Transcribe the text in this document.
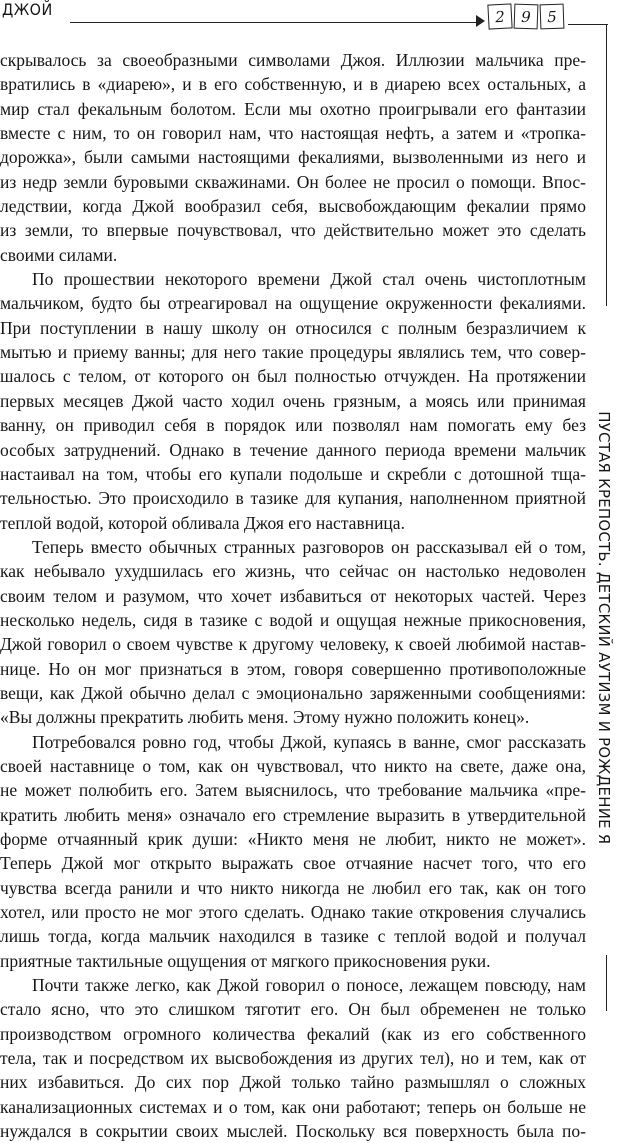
ДЖОЙ	2	9	5
ПУСТАЯ КРЕПОСТЬ. ДЕТСКИЙ АУТИЗМ И РОЖДЕНИЕ Я
скрывалось за своеобразными символами Джоя. Иллюзии мальчика пре-
вратились в «диарею», и в его собственную, и в диарею всех остальных, а
мир стал фекальным болотом. Если мы охотно проигрывали его фантазии
вместе с ним, то он говорил нам, что настоящая нефть, а затем и «тропка-
дорожка», были самыми настоящими фекалиями, вызволенными из него и
из недр земли буровыми скважинами. Он более не просил о помощи. Впос-
ледствии, когда Джой вообразил себя, высвобождающим фекалии прямо
из земли, то впервые почувствовал, что действительно может это сделать
своими силами.
По прошествии некоторого времени Джой стал очень чистоплотным
мальчиком, будто бы отреагировал на ощущение окруженности фекалиями.
При поступлении в нашу школу он относился с полным безразличием к
мытью и приему ванны; для него такие процедуры являлись тем, что совер-
шалось с телом, от которого он был полностью отчужден. На протяжении
первых месяцев Джой часто ходил очень грязным, а моясь или принимая
ванну, он приводил себя в порядок или позволял нам помогать ему без
особых затруднений. Однако в течение данного периода времени мальчик
настаивал на том, чтобы его купали подольше и скребли с дотошной тща-
тельностью. Это происходило в тазике для купания, наполненном приятной
теплой водой, которой обливала Джоя его наставница.
Теперь вместо обычных странных разговоров он рассказывал ей о том,
как небывало ухудшилась его жизнь, что сейчас он настолько недоволен
своим телом и разумом, что хочет избавиться от некоторых частей. Через
несколько недель, сидя в тазике с водой и ощущая нежные прикосновения,
Джой говорил о своем чувстве к другому человеку, к своей любимой настав-
нице. Но он мог признаться в этом, говоря совершенно противоположные
вещи, как Джой обычно делал с эмоционально заряженными сообщениями:
«Вы должны прекратить любить меня. Этому нужно положить конец».
Потребовался ровно год, чтобы Джой, купаясь в ванне, смог рассказать
своей наставнице о том, как он чувствовал, что никто на свете, даже она,
не может полюбить его. Затем выяснилось, что требование мальчика «пре-
кратить любить меня» означало его стремление выразить в утвердительной
форме отчаянный крик души: «Никто меня не любит, никто не может».
Теперь Джой мог открыто выражать свое отчаяние насчет того, что его
чувства всегда ранили и что никто никогда не любил его так, как он того
хотел, или просто не мог этого сделать. Однако такие откровения случались
лишь тогда, когда мальчик находился в тазике с теплой водой и получал
приятные тактильные ощущения от мягкого прикосновения руки.
Почти также легко, как Джой говорил о поносе, лежащем повсюду, нам
стало ясно, что это слишком тяготит его. Он был обременен не только
производством огромного количества фекалий (как из его собственного
тела, так и посредством их высвобождения из других тел), но и тем, как от
них избавиться. До сих пор Джой только тайно размышлял о сложных
канализационных системах и о том, как они работают; теперь он больше не
нуждался в сокрытии своих мыслей. Поскольку вся поверхность была по-
